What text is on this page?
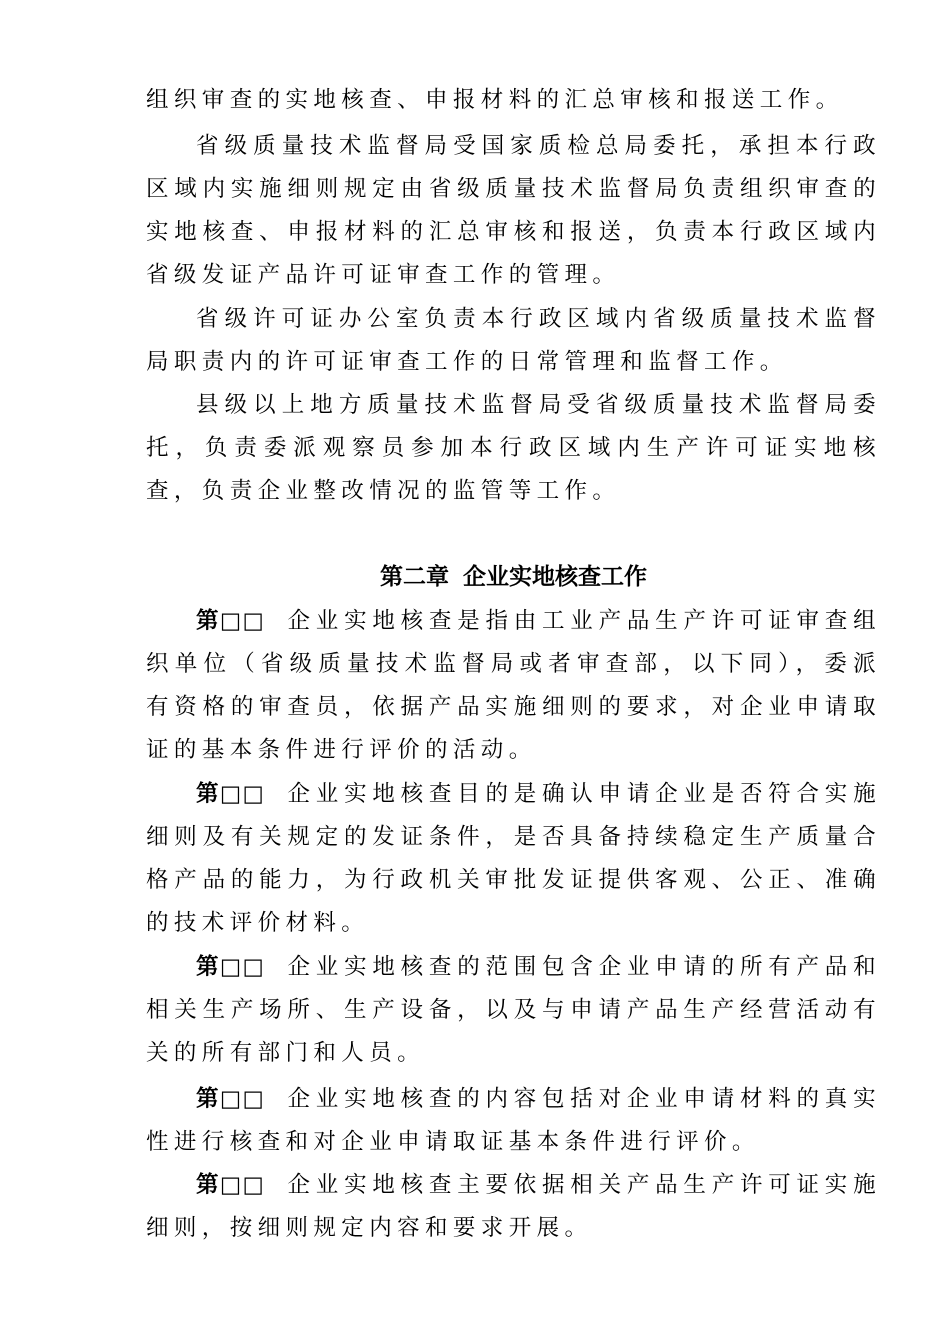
组织审查的实地核查、申报材料的汇总审核和报送工作。

省级质量技术监督局受国家质检总局委托，承担本行政区域内实施细则规定由省级质量技术监督局负责组织审查的实地核查、申报材料的汇总审核和报送，负责本行政区域内省级发证产品许可证审查工作的管理。

省级许可证办公室负责本行政区域内省级质量技术监督局职责内的许可证审查工作的日常管理和监督工作。

县级以上地方质量技术监督局受省级质量技术监督局委托，负责委派观察员参加本行政区域内生产许可证实地核查，负责企业整改情况的监管等工作。

第二章 企业实地核查工作

第□□ 企业实地核查是指由工业产品生产许可证审查组织单位（省级质量技术监督局或者审查部，以下同），委派有资格的审查员，依据产品实施细则的要求，对企业申请取证的基本条件进行评价的活动。

第□□ 企业实地核查目的是确认申请企业是否符合实施细则及有关规定的发证条件，是否具备持续稳定生产质量合格产品的能力，为行政机关审批发证提供客观、公正、准确的技术评价材料。

第□□ 企业实地核查的范围包含企业申请的所有产品和相关生产场所、生产设备，以及与申请产品生产经营活动有关的所有部门和人员。

第□□ 企业实地核查的内容包括对企业申请材料的真实性进行核查和对企业申请取证基本条件进行评价。

第□□ 企业实地核查主要依据相关产品生产许可证实施细则，按细则规定内容和要求开展。
